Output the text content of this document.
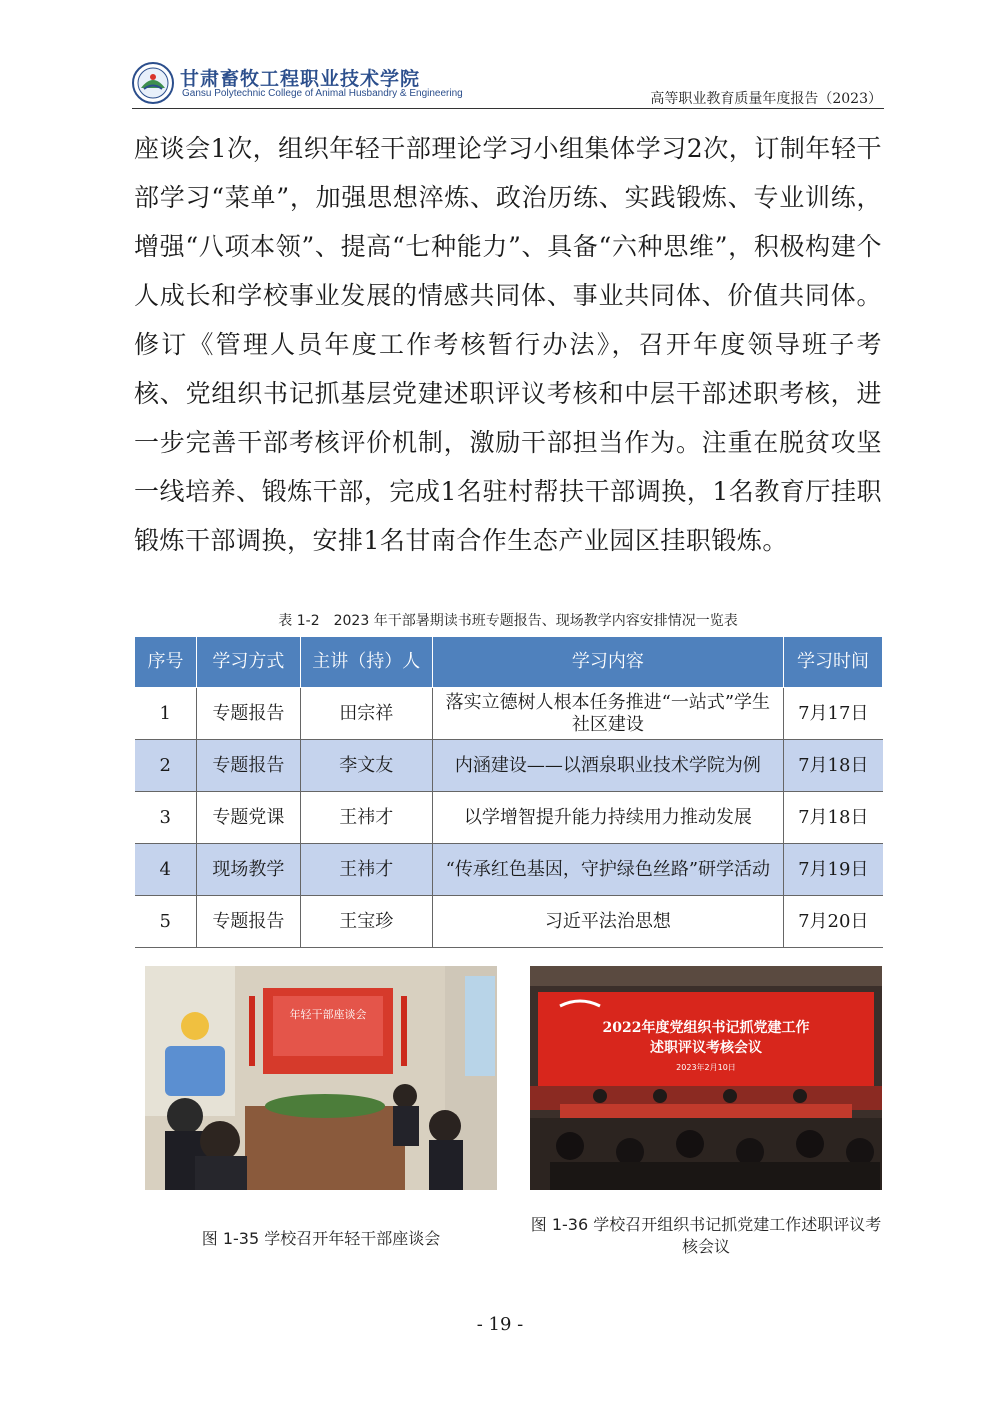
甘肃畜牧工程职业技术学院
Gansu Polytechnic College of Animal Husbandry & Engineering	高等职业教育质量年度报告（2023）

座谈会1次，组织年轻干部理论学习小组集体学习2次，订制年轻干部学习“菜单”，加强思想淬炼、政治历练、实践锻炼、专业训练，增强“八项本领”、提高“七种能力”、具备“六种思维”，积极构建个人成长和学校事业发展的情感共同体、事业共同体、价值共同体。修订《管理人员年度工作考核暂行办法》，召开年度领导班子考核、党组织书记抓基层党建述职评议考核和中层干部述职考核，进一步完善干部考核评价机制，激励干部担当作为。注重在脱贫攻坚一线培养、锻炼干部，完成1名驻村帮扶干部调换，1名教育厅挂职锻炼干部调换，安排1名甘南合作生态产业园区挂职锻炼。

表 1-2　2023 年干部暑期读书班专题报告、现场教学内容安排情况一览表
序号	学习方式	主讲（持）人	学习内容	学习时间
1	专题报告	田宗祥	落实立德树人根本任务推进“一站式”学生社区建设	7月17日
2	专题报告	李文友	内涵建设——以酒泉职业技术学院为例	7月18日
3	专题党课	王祎才	以学增智提升能力持续用力推动发展	7月18日
4	现场教学	王祎才	“传承红色基因，守护绿色丝路”研学活动	7月19日
5	专题报告	王宝珍	习近平法治思想	7月20日
年轻干部座谈会
图 1-35 学校召开年轻干部座谈会
2022年度党组织书记抓党建工作
述职评议考核会议
2023年2月10日
图 1-36 学校召开组织书记抓党建工作述职评议考核会议
- 19 -
